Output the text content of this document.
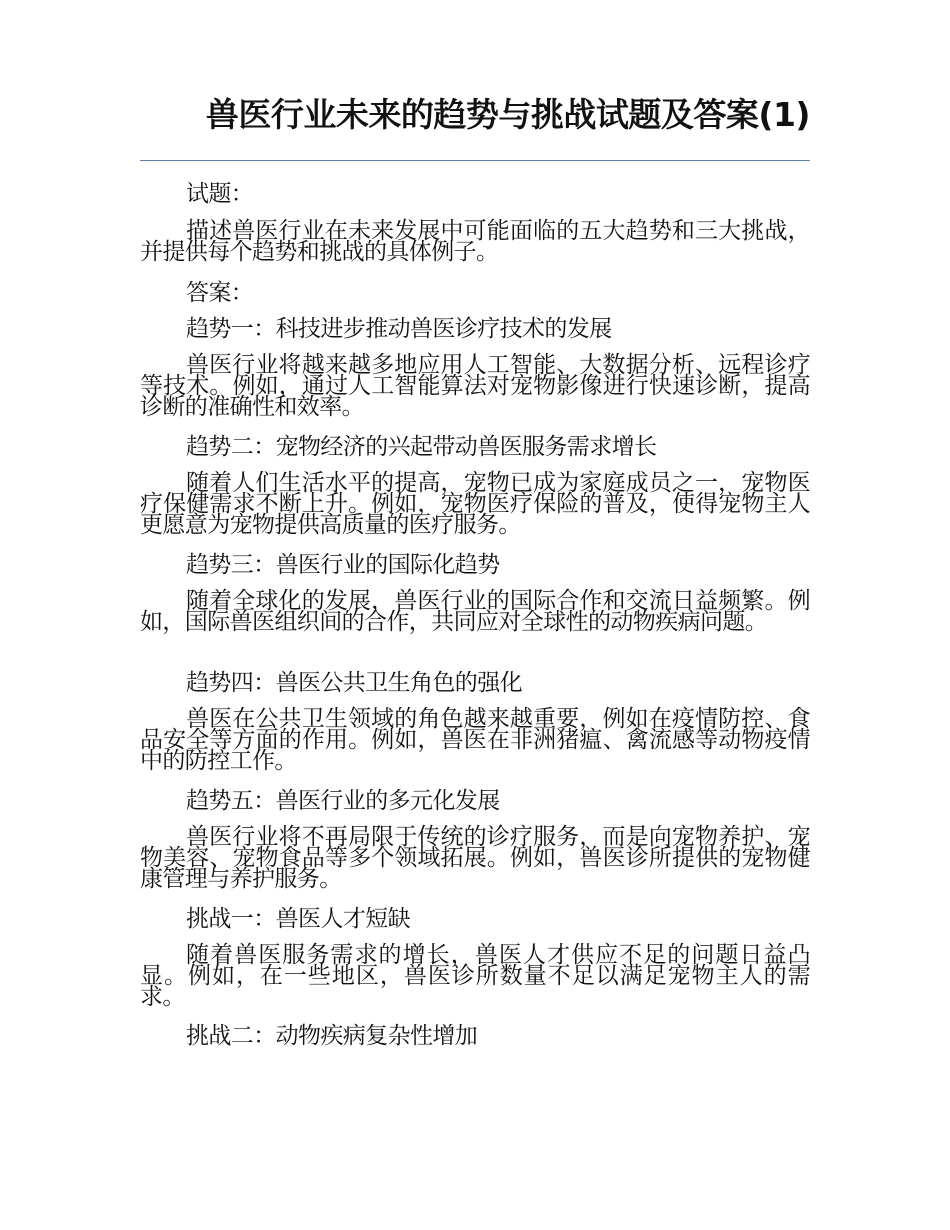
兽医行业未来的趋势与挑战试题及答案(1)

试题：

描述兽医行业在未来发展中可能面临的五大趋势和三大挑战，并提供每个趋势和挑战的具体例子。

答案：

趋势一：科技进步推动兽医诊疗技术的发展

兽医行业将越来越多地应用人工智能、大数据分析、远程诊疗等技术。例如，通过人工智能算法对宠物影像进行快速诊断，提高诊断的准确性和效率。

趋势二：宠物经济的兴起带动兽医服务需求增长

随着人们生活水平的提高，宠物已成为家庭成员之一，宠物医疗保健需求不断上升。例如，宠物医疗保险的普及，使得宠物主人更愿意为宠物提供高质量的医疗服务。

趋势三：兽医行业的国际化趋势

随着全球化的发展，兽医行业的国际合作和交流日益频繁。例如，国际兽医组织间的合作，共同应对全球性的动物疾病问题。

趋势四：兽医公共卫生角色的强化

兽医在公共卫生领域的角色越来越重要，例如在疫情防控、食品安全等方面的作用。例如，兽医在非洲猪瘟、禽流感等动物疫情中的防控工作。

趋势五：兽医行业的多元化发展

兽医行业将不再局限于传统的诊疗服务，而是向宠物养护、宠物美容、宠物食品等多个领域拓展。例如，兽医诊所提供的宠物健康管理与养护服务。

挑战一：兽医人才短缺

随着兽医服务需求的增长，兽医人才供应不足的问题日益凸显。例如，在一些地区，兽医诊所数量不足以满足宠物主人的需求。

挑战二：动物疾病复杂性增加
